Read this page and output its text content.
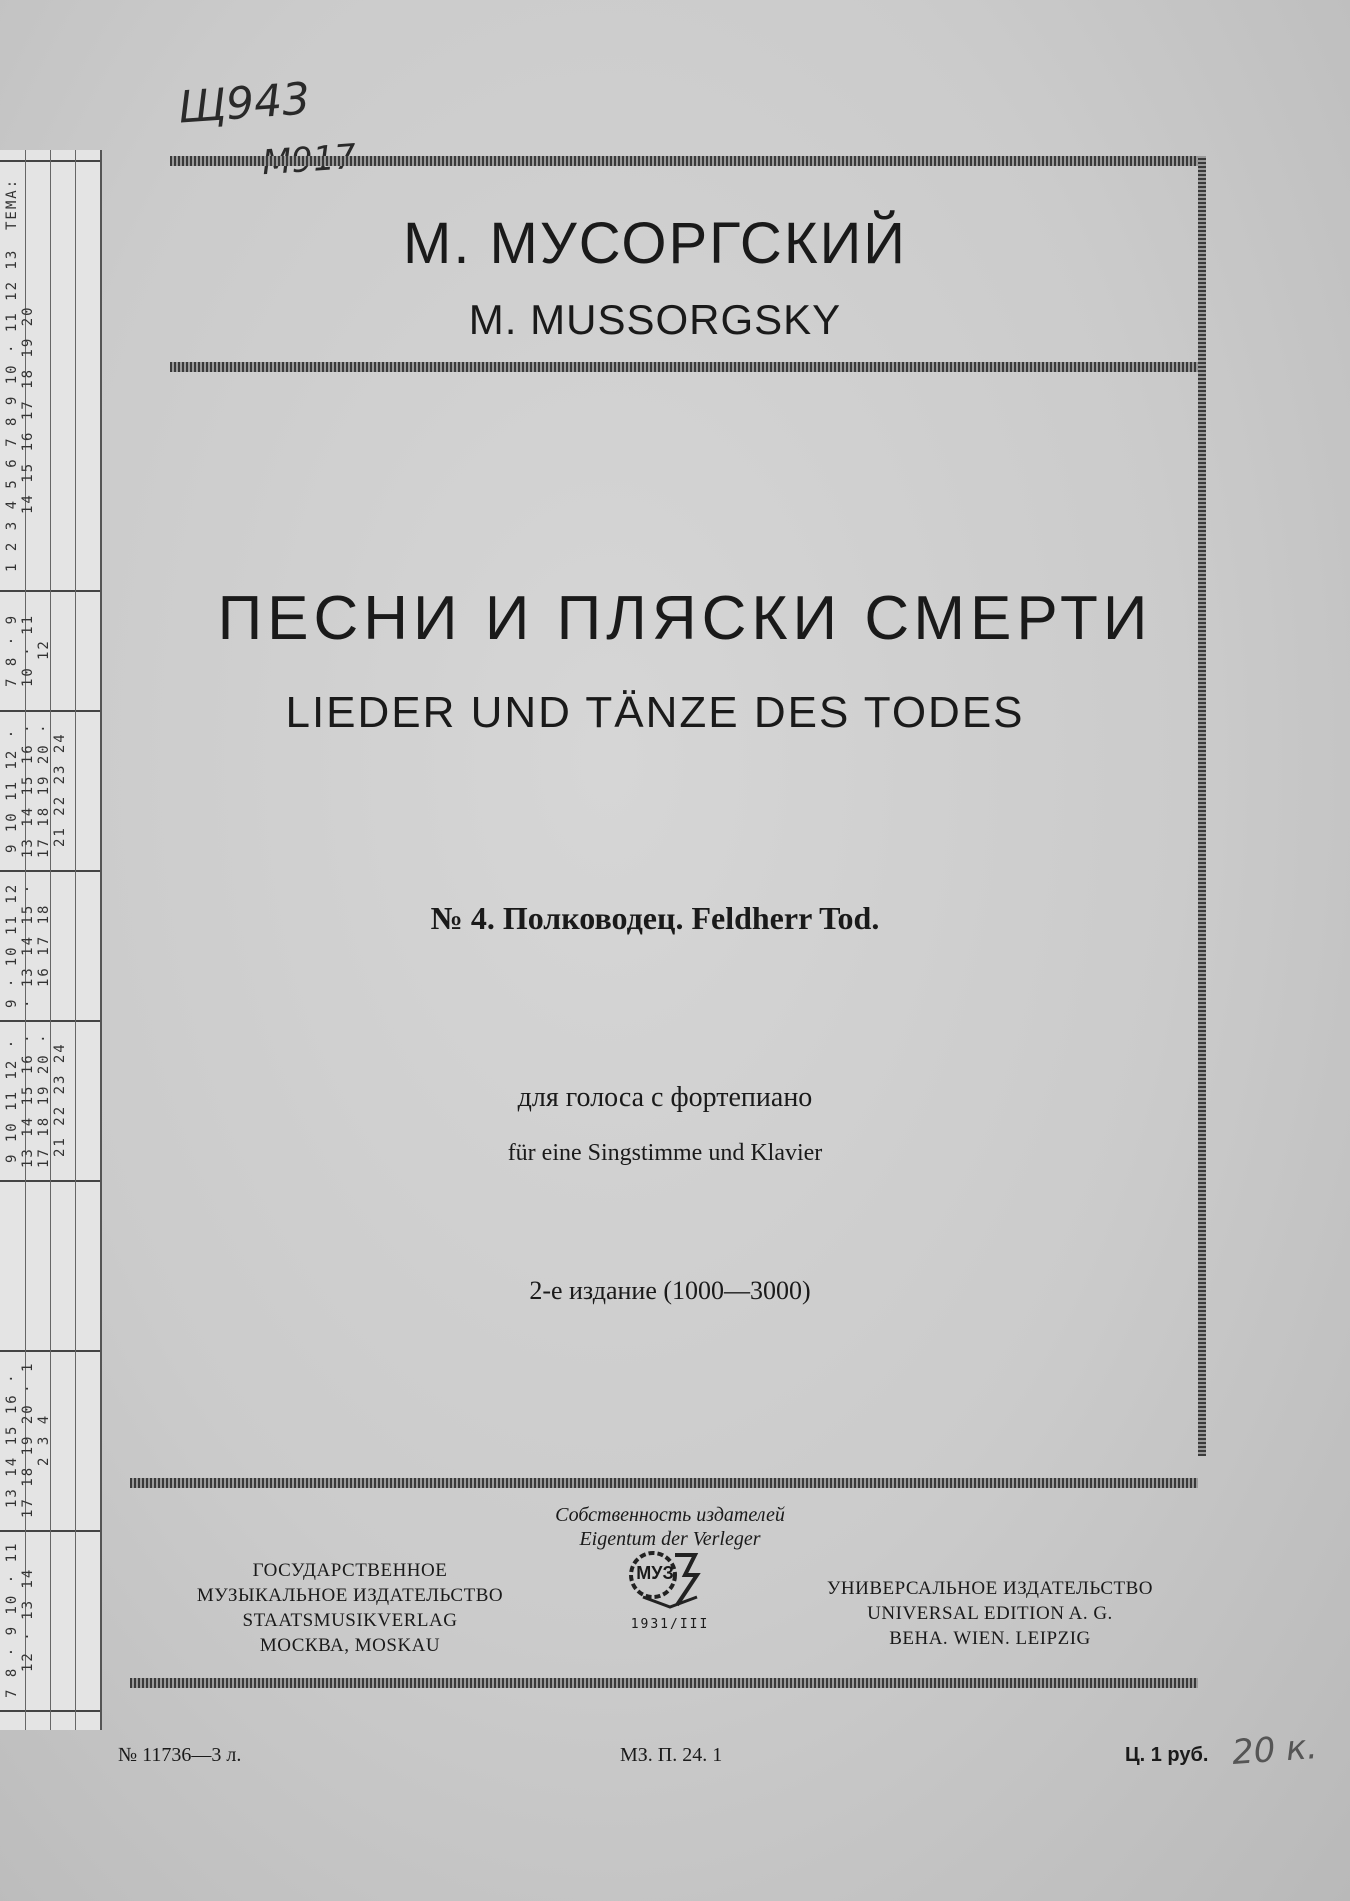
TEMA:
1 2 3 4 5 6 7 8 9 10 · 11 12 13 14 15 16 17 18 19 20
7 8 · 9 10 · 11 12
9 10 11 12 · 13 14 15 16 · 17 18 19 20 · 21 22 23 24
9 · 10 11 12 · 13 14 15 · 16 17 18
9 10 11 12 · 13 14 15 16 · 17 18 19 20 · 21 22 23 24
13 14 15 16 · 17 18 19 20 · 1 2 3 4
7 8 · 9 10 · 11 12 · 13 14
Щ943
М. МУСОРГСКИЙ
M. MUSSORGSKY
ПЕСНИ И ПЛЯСКИ СМЕРТИ
LIEDER UND TÄNZE DES TODES
№ 4. Полководец. Feldherr Tod.
для голоса с фортепиано
für eine Singstimme und Klavier
2-е издание (1000—3000)
Собственность издателей
Eigentum der Verleger
ГОСУДАРСТВЕННОЕ
МУЗЫКАЛЬНОЕ ИЗДАТЕЛЬСТВО
STAATSMUSIKVERLAG
МОСКВА, MOSKAU
УНИВЕРСАЛЬНОЕ ИЗДАТЕЛЬСТВО
UNIVERSAL EDITION A. G.
ВЕНА. WIEN. LEIPZIG
МУЗ
1931/III
№ 11736—3 л.	МЗ. П. 24. 1	Ц. 1 руб. 20 к.
